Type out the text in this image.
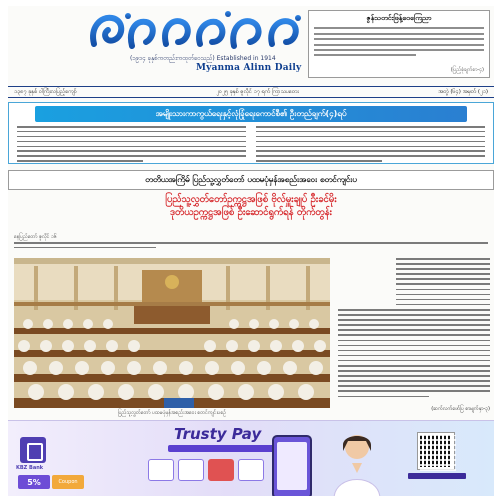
(၁၉၁၄ ခုနှစ်ကတည်းကထုတ်ဝေသည်) Established in 1914
Myanma Alinn Daily
ဇွန်သတင်းဖြန့်ဝေကြေညာ
(ပြည့်စုံချက်စာ-၄)
၁၃၈၇ ခုနှစ် ဝါကြီးလပြည့်ကျော်	၂၀၂၅ ခုနှစ် ဇူလိုင် ၁၇ ရက် ကြာသပတေး	အတွဲ (၆၄) အမှတ် (၂၁)
အမျိုးသားကာကွယ်ရေးနှင့်လုံခြုံရေးကောင်စီ၏ ဦးတည်ချက်(၄)ရပ်
တတိယအကြိမ် ပြည်သူ့လွှတ်တော် ပထမပုံမှန်အစည်းအဝေး စတင်ကျင်းပ
ပြည်သူ့လွှတ်တော်ဥက္ကဋ္ဌအဖြစ် ဗိုလ်မှူးချုပ် ဦးခင်မိုး
ဒုတိယဥက္ကဋ္ဌအဖြစ် ဦးဆောင်ရွက်ရန် တိုက်တွန်း
နေပြည်တော် ဇူလိုင် ၁၆
ပြည်သူ့လွှတ်တော် ပထမပုံမှန်အစည်းအဝေး စတင်ကျင်းပစဉ်
(ဆက်လက်ဖော်ပြ စာမျက်နှာ-၃)
KBZ Bank
5%	Coupon
Trusty Pay
